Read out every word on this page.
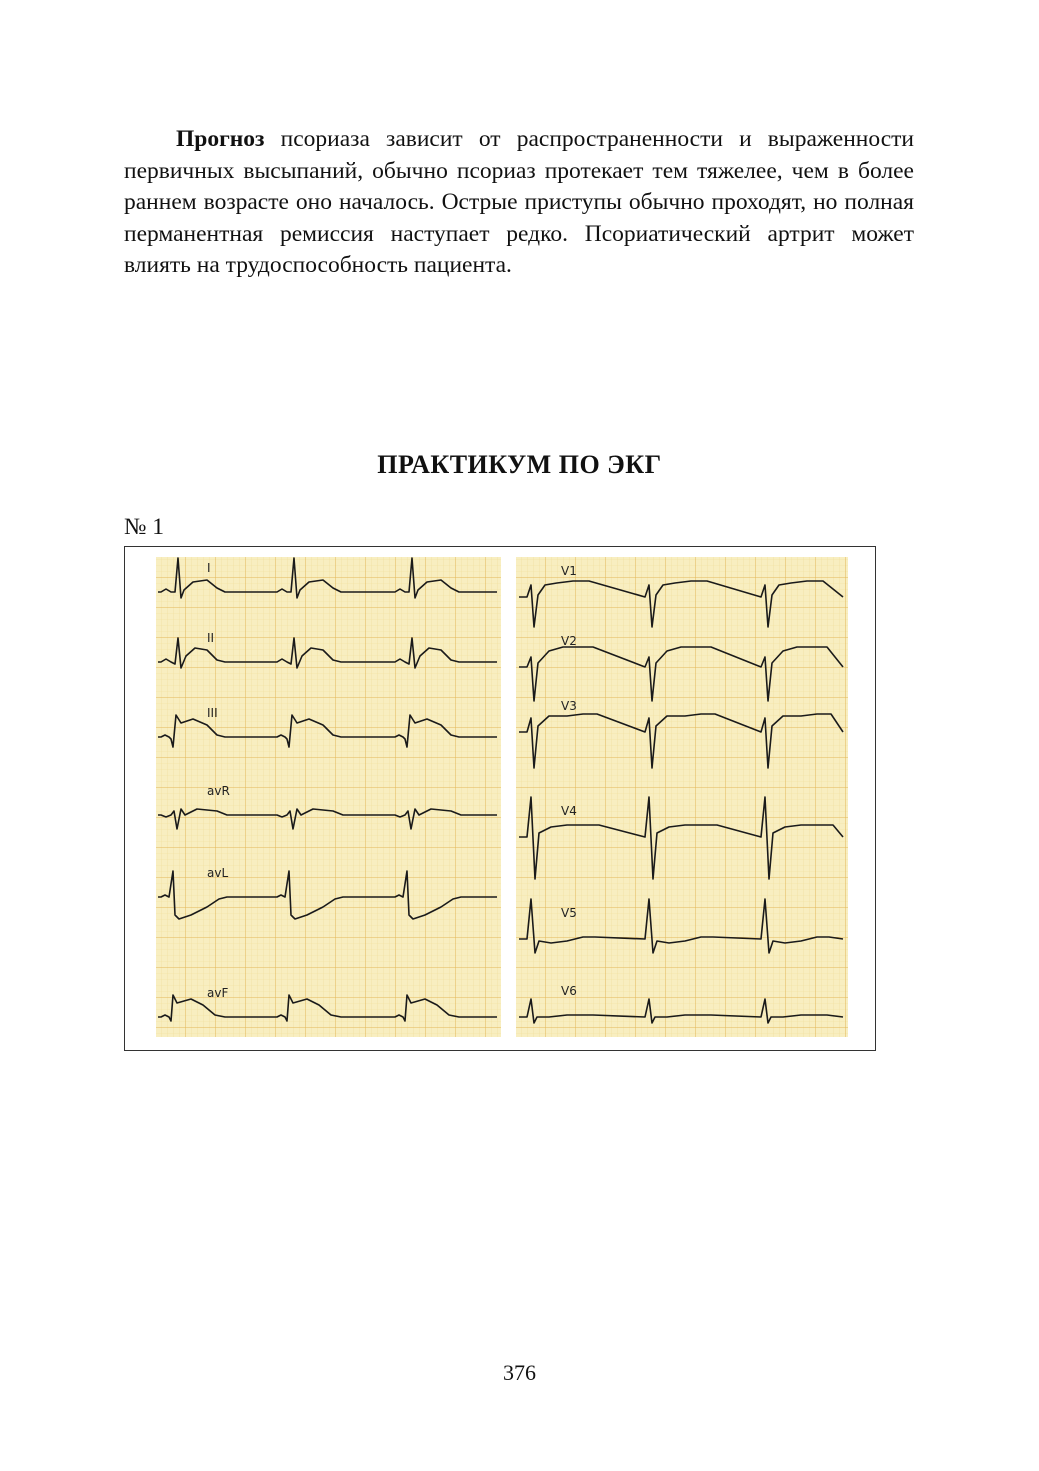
Прогноз псориаза зависит от распространенности и выраженности первичных высыпаний, обычно псориаз протекает тем тяжелее, чем в более раннем возрасте оно началось. Острые приступы обычно проходят, но полная перманентная ремиссия наступает редко. Псориатический артрит может влиять на трудоспособность пациента.

ПРАКТИКУМ ПО ЭКГ
№ 1
I
II
III
avR
avL
avF
V1
V2
V3
V4
V5
V6
376
